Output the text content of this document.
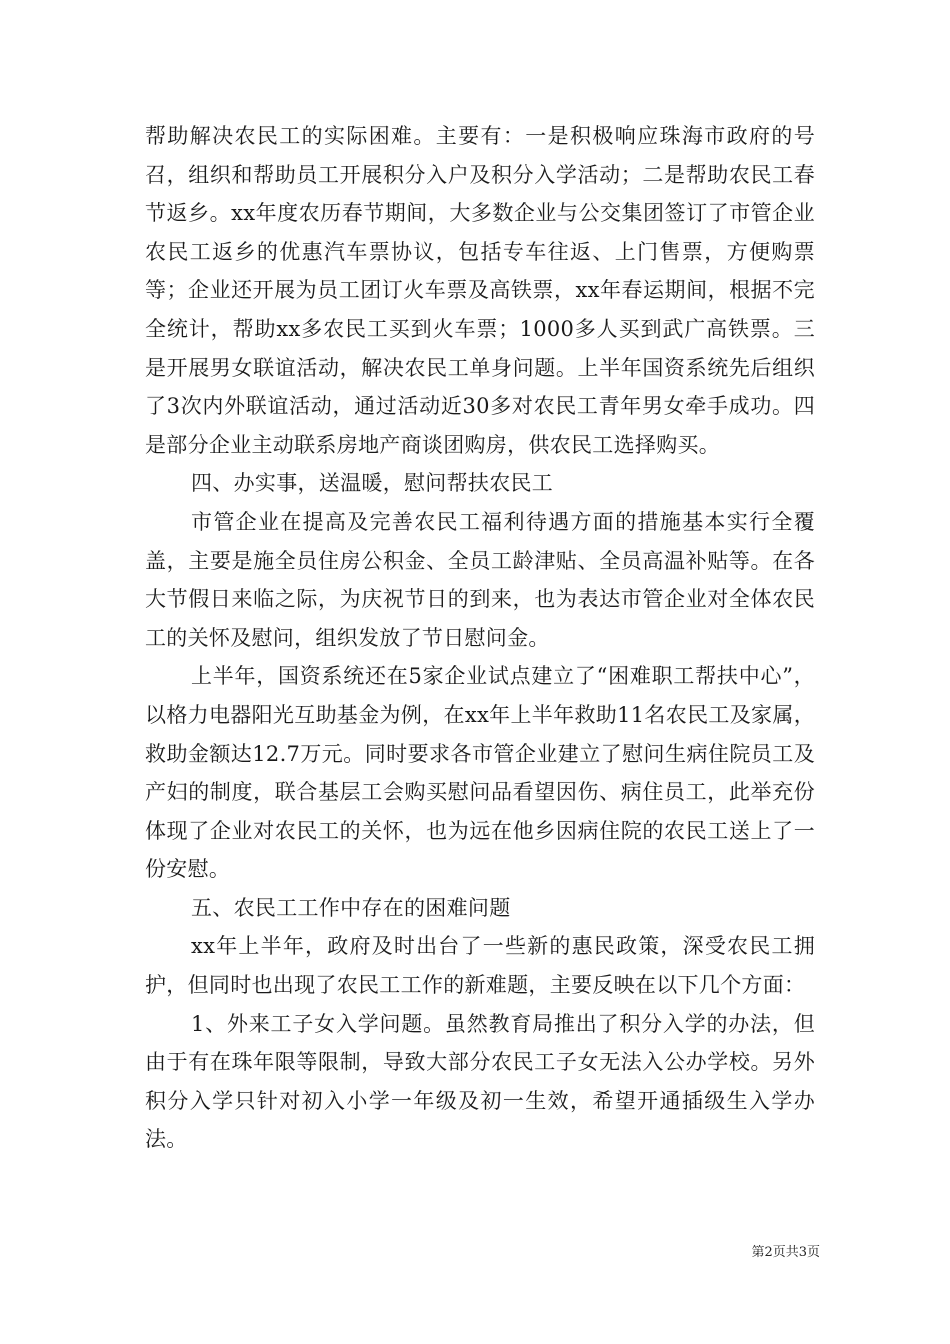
帮助解决农民工的实际困难。主要有：一是积极响应珠海市政府的号召，组织和帮助员工开展积分入户及积分入学活动；二是帮助农民工春节返乡。xx年度农历春节期间，大多数企业与公交集团签订了市管企业农民工返乡的优惠汽车票协议，包括专车往返、上门售票，方便购票等；企业还开展为员工团订火车票及高铁票，xx年春运期间，根据不完全统计，帮助xx多农民工买到火车票；1000多人买到武广高铁票。三是开展男女联谊活动，解决农民工单身问题。上半年国资系统先后组织了3次内外联谊活动，通过活动近30多对农民工青年男女牵手成功。四是部分企业主动联系房地产商谈团购房，供农民工选择购买。

四、办实事，送温暖，慰问帮扶农民工

市管企业在提高及完善农民工福利待遇方面的措施基本实行全覆盖，主要是施全员住房公积金、全员工龄津贴、全员高温补贴等。在各大节假日来临之际，为庆祝节日的到来，也为表达市管企业对全体农民工的关怀及慰问，组织发放了节日慰问金。

上半年，国资系统还在5家企业试点建立了“困难职工帮扶中心”，以格力电器阳光互助基金为例，在xx年上半年救助11名农民工及家属，救助金额达12.7万元。同时要求各市管企业建立了慰问生病住院员工及产妇的制度，联合基层工会购买慰问品看望因伤、病住员工，此举充份体现了企业对农民工的关怀，也为远在他乡因病住院的农民工送上了一份安慰。

五、农民工工作中存在的困难问题

xx年上半年，政府及时出台了一些新的惠民政策，深受农民工拥护，但同时也出现了农民工工作的新难题，主要反映在以下几个方面：

1、外来工子女入学问题。虽然教育局推出了积分入学的办法，但由于有在珠年限等限制，导致大部分农民工子女无法入公办学校。另外积分入学只针对初入小学一年级及初一生效，希望开通插级生入学办法。

第2页共3页
